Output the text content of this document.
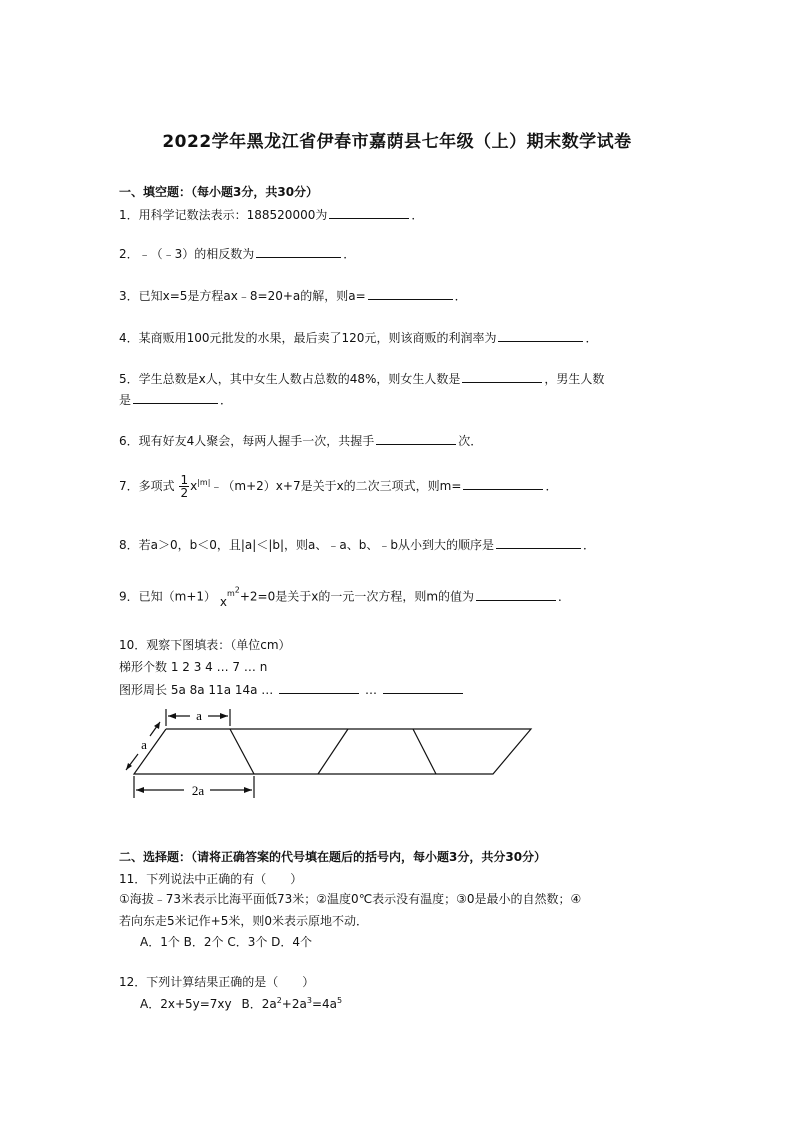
2022学年黑龙江省伊春市嘉荫县七年级（上）期末数学试卷
一、填空题：（每小题3分，共30分）
1．用科学记数法表示：188520000为	．
2．﹣（﹣3）的相反数为	．
3．已知x=5是方程ax﹣8=20+a的解，则a=	．
4．某商贩用100元批发的水果，最后卖了120元，则该商贩的利润率为	．
5．学生总数是x人，其中女生人数占总数的48%，则女生人数是	，男生人数
是	．
6．现有好友4人聚会，每两人握手一次，共握手	次．
7．多项式 $\frac{1}{2}$ $x^{|m|}﹣(m+2)x+7$是关于x的二次三项式，则m=	．
8．若a＞0，b＜0，且|a|＜|b|，则a、﹣a、b、﹣b从小到大的顺序是	．
9．已知（m+1） $x^{m^2}+2=0$是关于x的一元一次方程，则m的值为	．
10．观察下图填表：（单位cm）
梯形个数 1 2 3 4 … 7 … n
图形周长 5a 8a 11a 14a …	…
a
a
2a
二、选择题：（请将正确答案的代号填在题后的括号内，每小题3分，共分30分）
11．下列说法中正确的有（　　）
①海拔﹣73米表示比海平面低73米；②温度0℃表示没有温度；③0是最小的自然数；④
若向东走5米记作+5米，则0米表示原地不动．
A．1个 B．2个 C．3个 D．4个
12．下列计算结果正确的是（　　）
A．2x+5y=7xy B．$2a^2+2a^3=4a^5$
